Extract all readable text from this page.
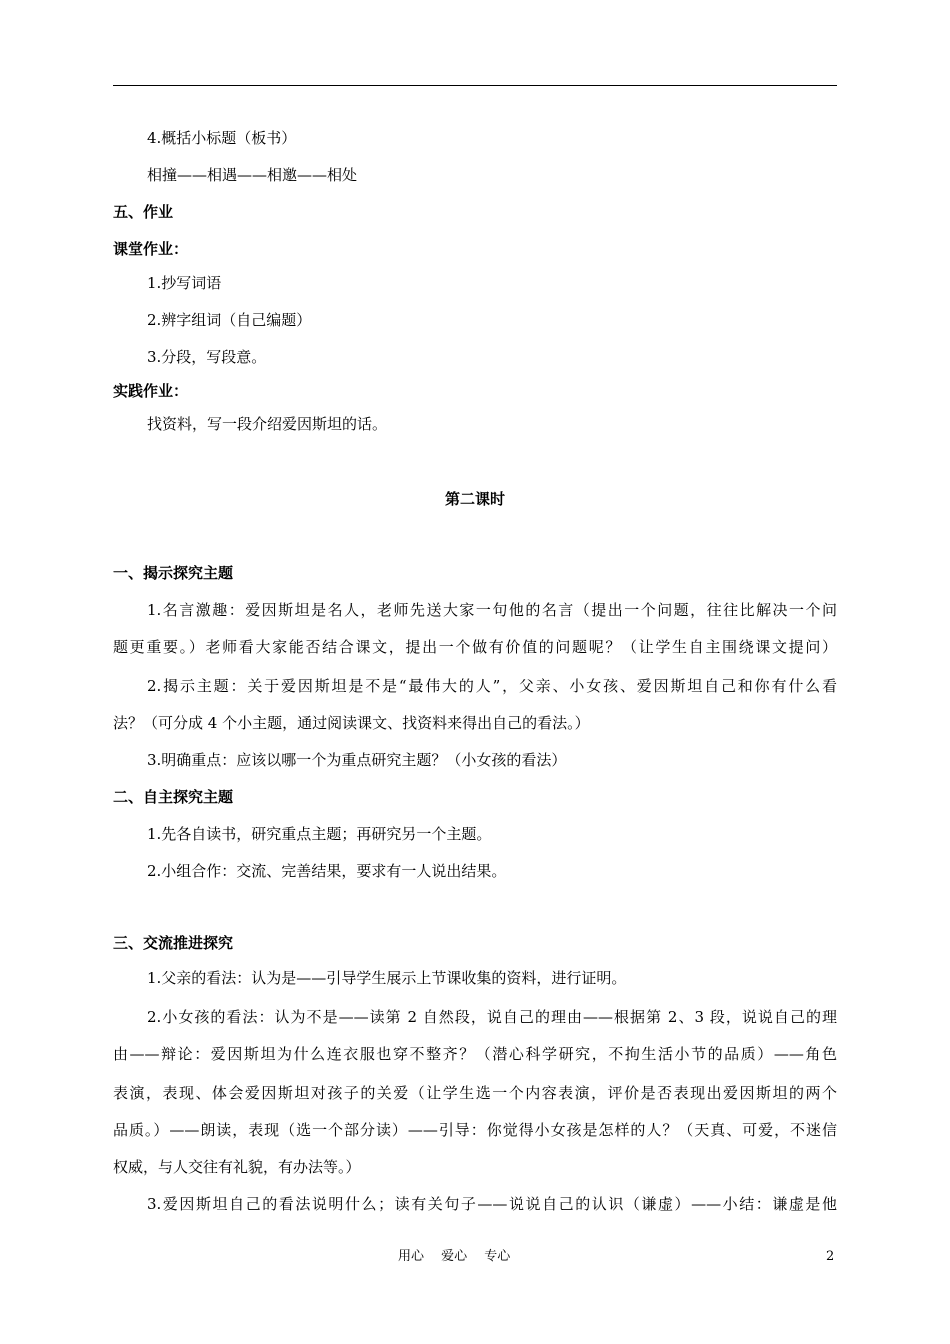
4.概括小标题（板书）
相撞——相遇——相邀——相处
五、作业
课堂作业：
1.抄写词语
2.辨字组词（自己编题）
3.分段，写段意。
实践作业：
找资料，写一段介绍爱因斯坦的话。
第二课时
一、揭示探究主题
1.名言激趣：爱因斯坦是名人，老师先送大家一句他的名言（提出一个问题，往往比解决一个问
题更重要。）老师看大家能否结合课文，提出一个做有价值的问题呢？（让学生自主围绕课文提问）
2.揭示主题：关于爱因斯坦是不是“最伟大的人”，父亲、小女孩、爱因斯坦自己和你有什么看
法？（可分成 4 个小主题，通过阅读课文、找资料来得出自己的看法。）
3.明确重点：应该以哪一个为重点研究主题？（小女孩的看法）
二、自主探究主题
1.先各自读书，研究重点主题；再研究另一个主题。
2.小组合作：交流、完善结果，要求有一人说出结果。
三、交流推进探究
1.父亲的看法：认为是——引导学生展示上节课收集的资料，进行证明。
2.小女孩的看法：认为不是——读第 2 自然段，说自己的理由——根据第 2、3 段，说说自己的理
由——辩论：爱因斯坦为什么连衣服也穿不整齐？（潜心科学研究，不拘生活小节的品质）——角色
表演，表现、体会爱因斯坦对孩子的关爱（让学生选一个内容表演，评价是否表现出爱因斯坦的两个
品质。）——朗读，表现（选一个部分读）——引导：你觉得小女孩是怎样的人？（天真、可爱，不迷信
权威，与人交往有礼貌，有办法等。）
3.爱因斯坦自己的看法说明什么；读有关句子——说说自己的认识（谦虚）——小结：谦虚是他
用心　 爱心　 专心	2
